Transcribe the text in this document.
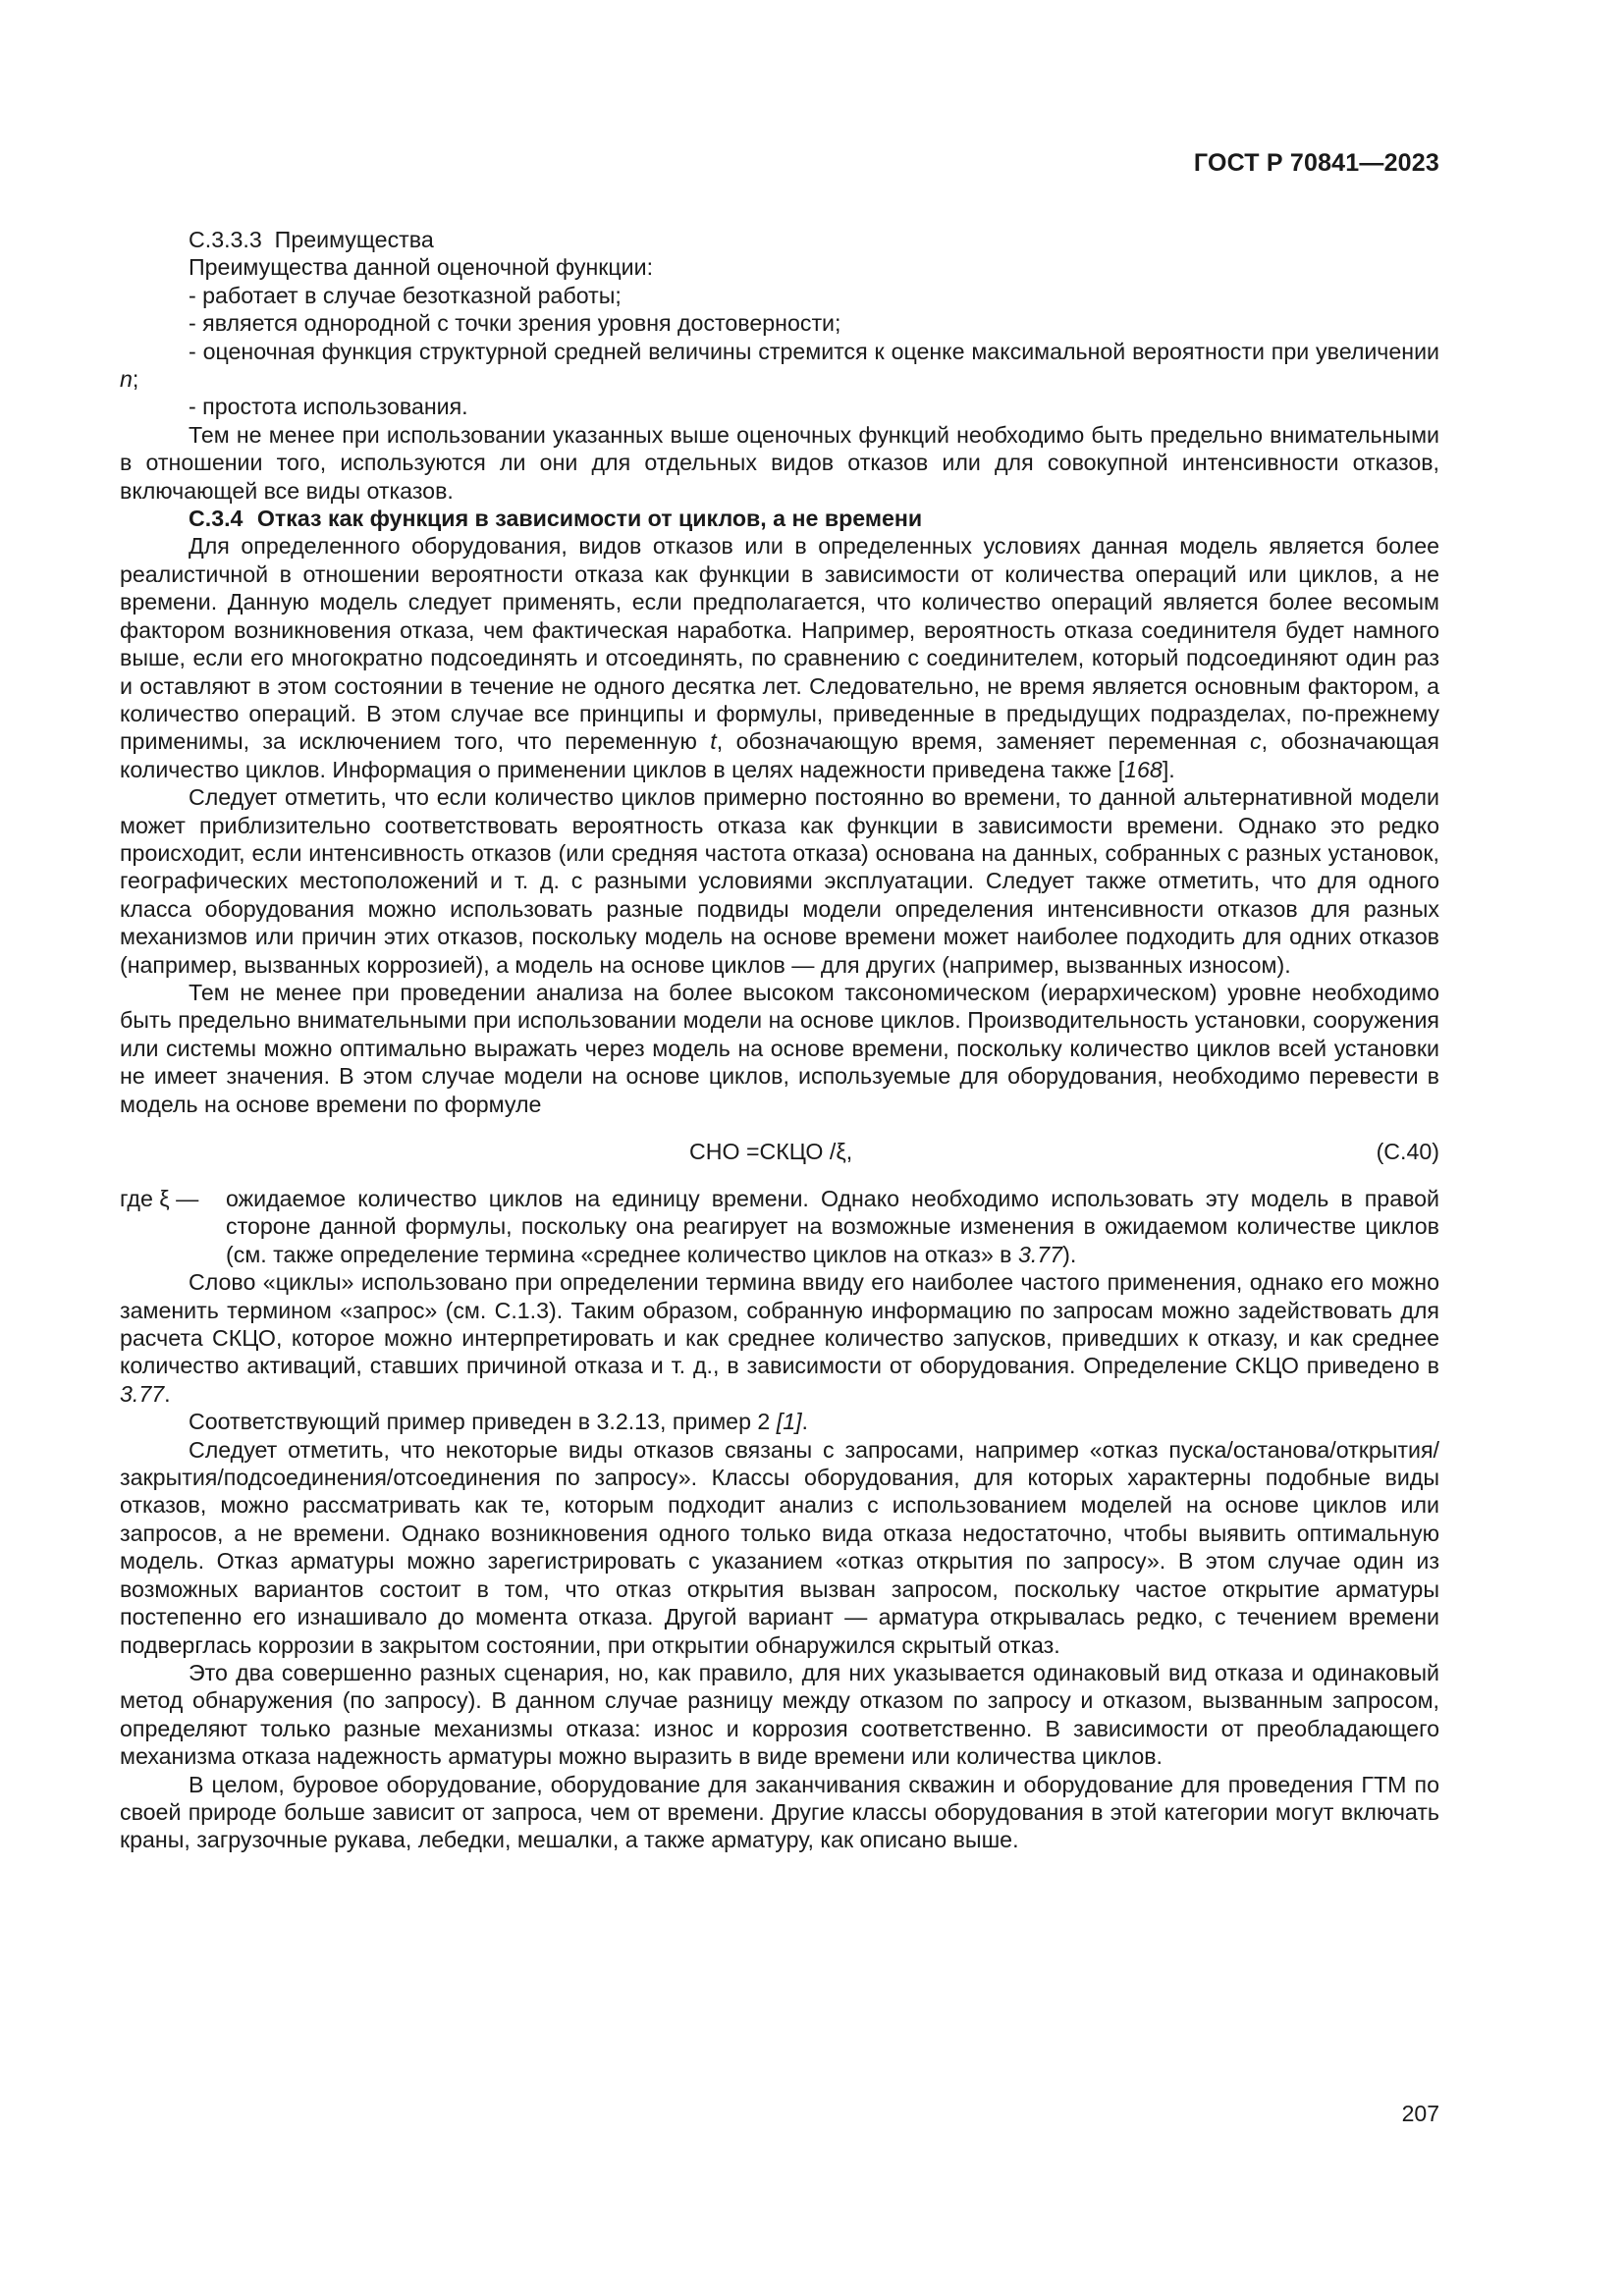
ГОСТ Р 70841—2023

С.3.3.3 Преимущества

Преимущества данной оценочной функции:

- работает в случае безотказной работы;

- является однородной с точки зрения уровня достоверности;

- оценочная функция структурной средней величины стремится к оценке максимальной вероятности при увеличении n;

- простота использования.

Тем не менее при использовании указанных выше оценочных функций необходимо быть предельно внимательными в отношении того, используются ли они для отдельных видов отказов или для совокупной интенсивности отказов, включающей все виды отказов.

С.3.4 Отказ как функция в зависимости от циклов, а не времени

Для определенного оборудования, видов отказов или в определенных условиях данная модель является более реалистичной в отношении вероятности отказа как функции в зависимости от количества операций или циклов, а не времени. Данную модель следует применять, если предполагается, что количество операций является более весомым фактором возникновения отказа, чем фактическая наработка. Например, вероятность отказа соединителя будет намного выше, если его многократно подсоединять и отсоединять, по сравнению с соединителем, который подсоединяют один раз и оставляют в этом состоянии в течение не одного десятка лет. Следовательно, не время является основным фактором, а количество операций. В этом случае все принципы и формулы, приведенные в предыдущих подразделах, по-прежнему применимы, за исключением того, что переменную t, обозначающую время, заменяет переменная c, обозначающая количество циклов. Информация о применении циклов в целях надежности приведена также [168].

Следует отметить, что если количество циклов примерно постоянно во времени, то данной альтернативной модели может приблизительно соответствовать вероятность отказа как функции в зависимости времени. Однако это редко происходит, если интенсивность отказов (или средняя частота отказа) основана на данных, собранных с разных установок, географических местоположений и т. д. с разными условиями эксплуатации. Следует также отметить, что для одного класса оборудования можно использовать разные подвиды модели определения интенсивности отказов для разных механизмов или причин этих отказов, поскольку модель на основе времени может наиболее подходить для одних отказов (например, вызванных коррозией), а модель на основе циклов — для других (например, вызванных износом).

Тем не менее при проведении анализа на более высоком таксономическом (иерархическом) уровне необходимо быть предельно внимательными при использовании модели на основе циклов. Производительность установки, сооружения или системы можно оптимально выражать через модель на основе времени, поскольку количество циклов всей установки не имеет значения. В этом случае модели на основе циклов, используемые для оборудования, необходимо перевести в модель на основе времени по формуле

СНО =СКЦО /ξ,	(С.40)

где ξ — ожидаемое количество циклов на единицу времени. Однако необходимо использовать эту модель в правой стороне данной формулы, поскольку она реагирует на возможные изменения в ожидаемом количестве циклов (см. также определение термина «среднее количество циклов на отказ» в 3.77).

Слово «циклы» использовано при определении термина ввиду его наиболее частого применения, однако его можно заменить термином «запрос» (см. С.1.3). Таким образом, собранную информацию по запросам можно задействовать для расчета СКЦО, которое можно интерпретировать и как среднее количество запусков, приведших к отказу, и как среднее количество активаций, ставших причиной отказа и т. д., в зависимости от оборудования. Определение СКЦО приведено в 3.77.

Соответствующий пример приведен в 3.2.13, пример 2 [1].

Следует отметить, что некоторые виды отказов связаны с запросами, например «отказ пуска/останова/открытия/закрытия/подсоединения/отсоединения по запросу». Классы оборудования, для которых характерны подобные виды отказов, можно рассматривать как те, которым подходит анализ с использованием моделей на основе циклов или запросов, а не времени. Однако возникновения одного только вида отказа недостаточно, чтобы выявить оптимальную модель. Отказ арматуры можно зарегистрировать с указанием «отказ открытия по запросу». В этом случае один из возможных вариантов состоит в том, что отказ открытия вызван запросом, поскольку частое открытие арматуры постепенно его изнашивало до момента отказа. Другой вариант — арматура открывалась редко, с течением времени подверглась коррозии в закрытом состоянии, при открытии обнаружился скрытый отказ.

Это два совершенно разных сценария, но, как правило, для них указывается одинаковый вид отказа и одинаковый метод обнаружения (по запросу). В данном случае разницу между отказом по запросу и отказом, вызванным запросом, определяют только разные механизмы отказа: износ и коррозия соответственно. В зависимости от преобладающего механизма отказа надежность арматуры можно выразить в виде времени или количества циклов.

В целом, буровое оборудование, оборудование для заканчивания скважин и оборудование для проведения ГТМ по своей природе больше зависит от запроса, чем от времени. Другие классы оборудования в этой категории могут включать краны, загрузочные рукава, лебедки, мешалки, а также арматуру, как описано выше.

207
